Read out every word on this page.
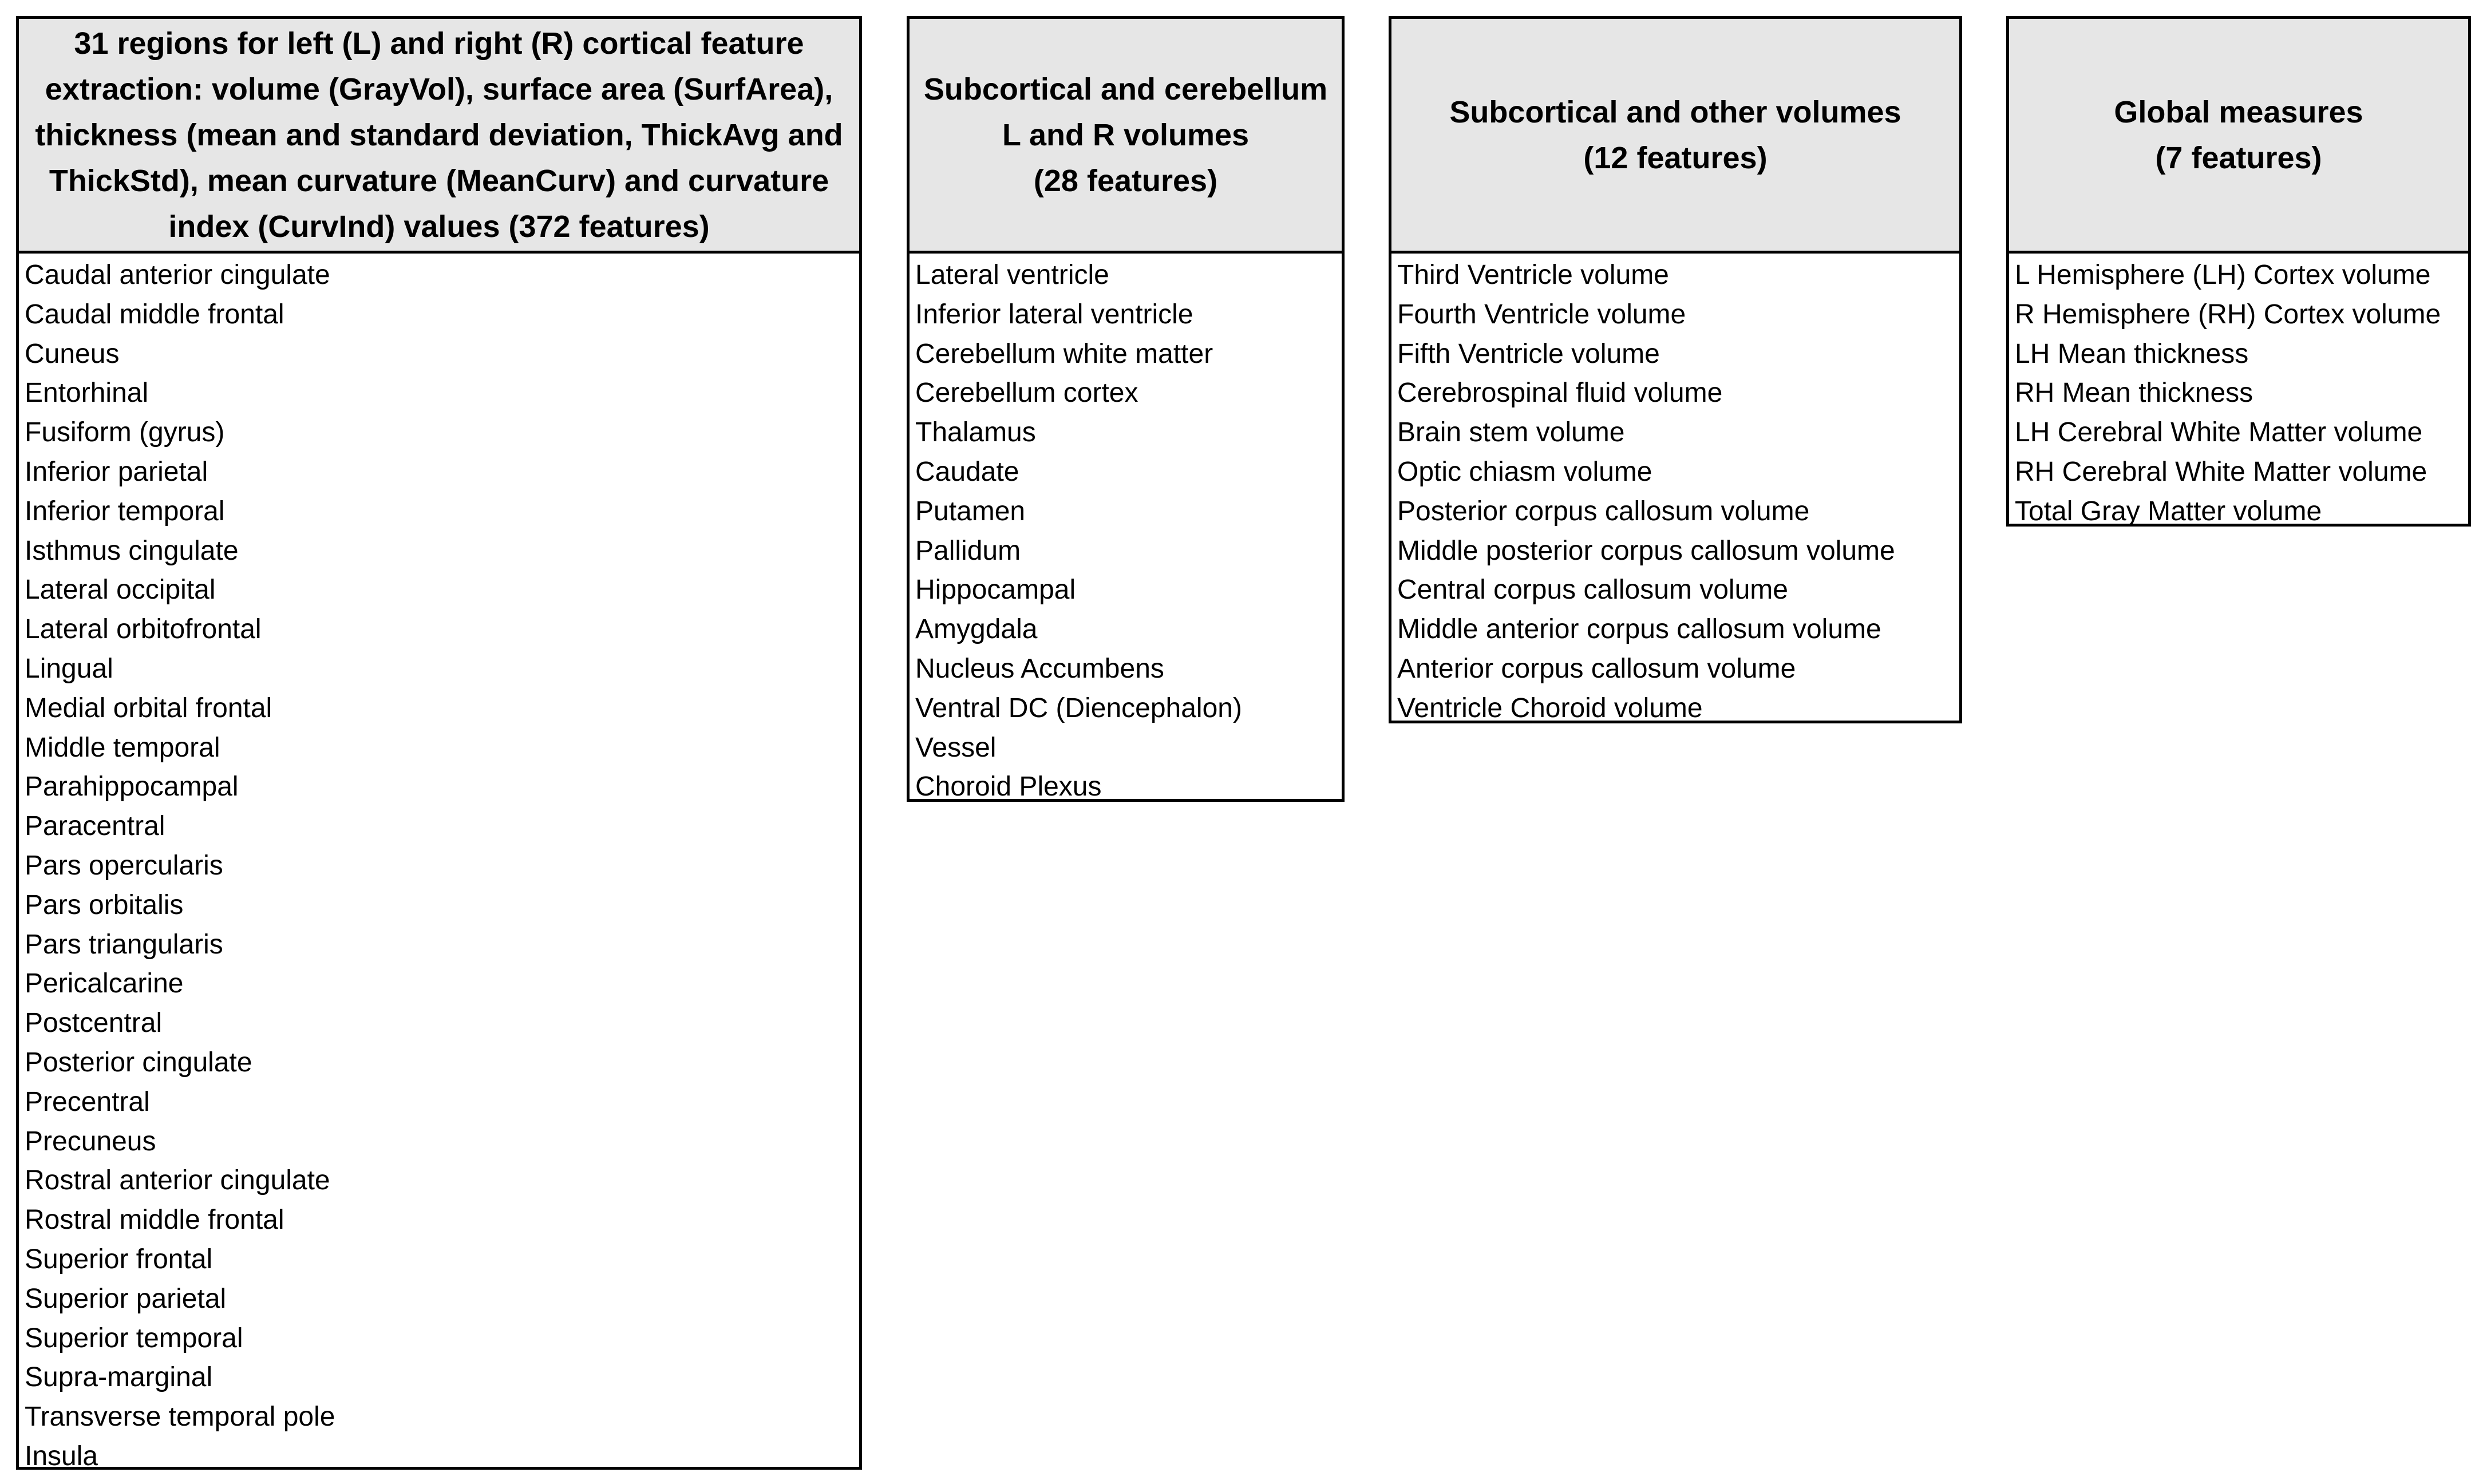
31 regions for left (L) and right (R) cortical feature
extraction: volume (GrayVol), surface area (SurfArea),
thickness (mean and standard deviation, ThickAvg and
ThickStd), mean curvature (MeanCurv) and curvature
index (CurvInd) values (372 features)
Caudal anterior cingulate
Caudal middle frontal
Cuneus
Entorhinal
Fusiform (gyrus)
Inferior parietal
Inferior temporal
Isthmus cingulate
Lateral occipital
Lateral orbitofrontal
Lingual
Medial orbital frontal
Middle temporal
Parahippocampal
Paracentral
Pars opercularis
Pars orbitalis
Pars triangularis
Pericalcarine
Postcentral
Posterior cingulate
Precentral
Precuneus
Rostral anterior cingulate
Rostral middle frontal
Superior frontal
Superior parietal
Superior temporal
Supra-marginal
Transverse temporal pole
Insula
Subcortical and cerebellum
L and R volumes
(28 features)
Lateral ventricle
Inferior lateral ventricle
Cerebellum white matter
Cerebellum cortex
Thalamus
Caudate
Putamen
Pallidum
Hippocampal
Amygdala
Nucleus Accumbens
Ventral DC (Diencephalon)
Vessel
Choroid Plexus
Subcortical and other volumes
(12 features)
Third Ventricle volume
Fourth Ventricle volume
Fifth Ventricle volume
Cerebrospinal fluid volume
Brain stem volume
Optic chiasm volume
Posterior corpus callosum volume
Middle posterior corpus callosum volume
Central corpus callosum volume
Middle anterior corpus callosum volume
Anterior corpus callosum volume
Ventricle Choroid volume
Global measures
(7 features)
L Hemisphere (LH) Cortex volume
R Hemisphere (RH) Cortex volume
LH Mean thickness
RH Mean thickness
LH Cerebral White Matter volume
RH Cerebral White Matter volume
Total Gray Matter volume
